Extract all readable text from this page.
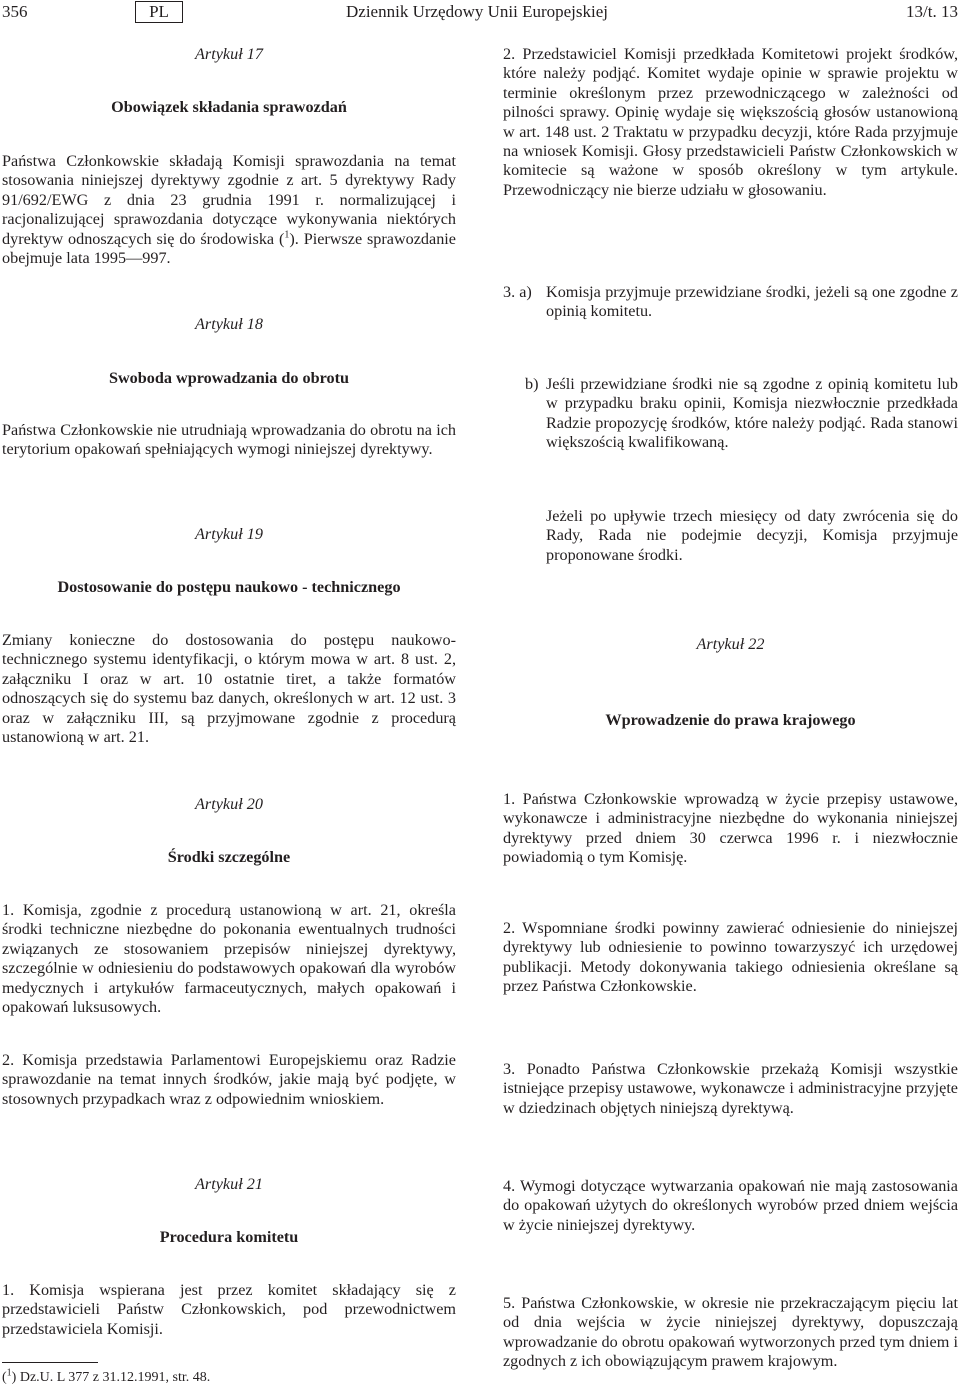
356	PL	Dziennik Urzędowy Unii Europejskiej	13/t. 13
Artykuł 17
Obowiązek składania sprawozdań
Państwa Członkowskie składają Komisji sprawozdania na temat stosowania niniejszej dyrektywy zgodnie z art. 5 dyrektywy Rady 91/692/EWG z dnia 23 grudnia 1991 r. normalizującej i racjonalizującej sprawozdania dotyczące wykonywania niektórych dyrektyw odnoszących się do środowiska ($^1$). Pierwsze sprawozdanie obejmuje lata 1995—997.
Artykuł 18
Swoboda wprowadzania do obrotu
Państwa Członkowskie nie utrudniają wprowadzania do obrotu na ich terytorium opakowań spełniających wymogi niniejszej dyrektywy.
Artykuł 19
Dostosowanie do postępu naukowo - technicznego
Zmiany konieczne do dostosowania do postępu naukowotechnicznego systemu identyfikacji, o którym mowa w art. 8 ust. 2, załączniku I oraz w art. 10 ostatnie tiret, a także formatów odnoszących się do systemu baz danych, określonych w art. 12 ust. 3 oraz w załączniku III, są przyjmowane zgodnie z procedurą ustanowioną w art. 21.
Artykuł 20
Środki szczególne
1. Komisja, zgodnie z procedurą ustanowioną w art. 21, określa środki techniczne niezbędne do pokonania ewentualnych trudności związanych ze stosowaniem przepisów niniejszej dyrektywy, szczególnie w odniesieniu do podstawowych opakowań dla wyrobów medycznych i artykułów farmaceutycznych, małych opakowań i opakowań luksusowych.
2. Komisja przedstawia Parlamentowi Europejskiemu oraz Radzie sprawozdanie na temat innych środków, jakie mają być podjęte, w stosownych przypadkach wraz z odpowiednim wnioskiem.
Artykuł 21
Procedura komitetu
1. Komisja wspierana jest przez komitet składający się z przedstawicieli Państw Członkowskich, pod przewodnictwem przedstawiciela Komisji.
2. Przedstawiciel Komisji przedkłada Komitetowi projekt środków, które należy podjąć. Komitet wydaje opinie w sprawie projektu w terminie określonym przez przewodniczącego w zależności od pilności sprawy. Opinię wydaje się większością głosów ustanowioną w art. 148 ust. 2 Traktatu w przypadku decyzji, które Rada przyjmuje na wniosek Komisji. Głosy przedstawicieli Państw Członkowskich w komitecie są ważone w sposób określony w tym artykule. Przewodniczący nie bierze udziału w głosowaniu.
3. a) Komisja przyjmuje przewidziane środki, jeżeli są one zgodne z opinią komitetu.
b) Jeśli przewidziane środki nie są zgodne z opinią komitetu lub w przypadku braku opinii, Komisja niezwłocznie przedkłada Radzie propozycję środków, które należy podjąć. Rada stanowi większością kwalifikowaną.
Jeżeli po upływie trzech miesięcy od daty zwrócenia się do Rady, Rada nie podejmie decyzji, Komisja przyjmuje proponowane środki.
Artykuł 22
Wprowadzenie do prawa krajowego
1. Państwa Członkowskie wprowadzą w życie przepisy ustawowe, wykonawcze i administracyjne niezbędne do wykonania niniejszej dyrektywy przed dniem 30 czerwca 1996 r. i niezwłocznie powiadomią o tym Komisję.
2. Wspomniane środki powinny zawierać odniesienie do niniejszej dyrektywy lub odniesienie to powinno towarzyszyć ich urzędowej publikacji. Metody dokonywania takiego odniesienia określane są przez Państwa Członkowskie.
3. Ponadto Państwa Członkowskie przekażą Komisji wszystkie istniejące przepisy ustawowe, wykonawcze i administracyjne przyjęte w dziedzinach objętych niniejszą dyrektywą.
4. Wymogi dotyczące wytwarzania opakowań nie mają zastosowania do opakowań użytych do określonych wyrobów przed dniem wejścia w życie niniejszej dyrektywy.
5. Państwa Członkowskie, w okresie nie przekraczającym pięciu lat od dnia wejścia w życie niniejszej dyrektywy, dopuszczają wprowadzanie do obrotu opakowań wytworzonych przed tym dniem i zgodnych z ich obowiązującym prawem krajowym.
($^1$) Dz.U. L 377 z 31.12.1991, str. 48.
